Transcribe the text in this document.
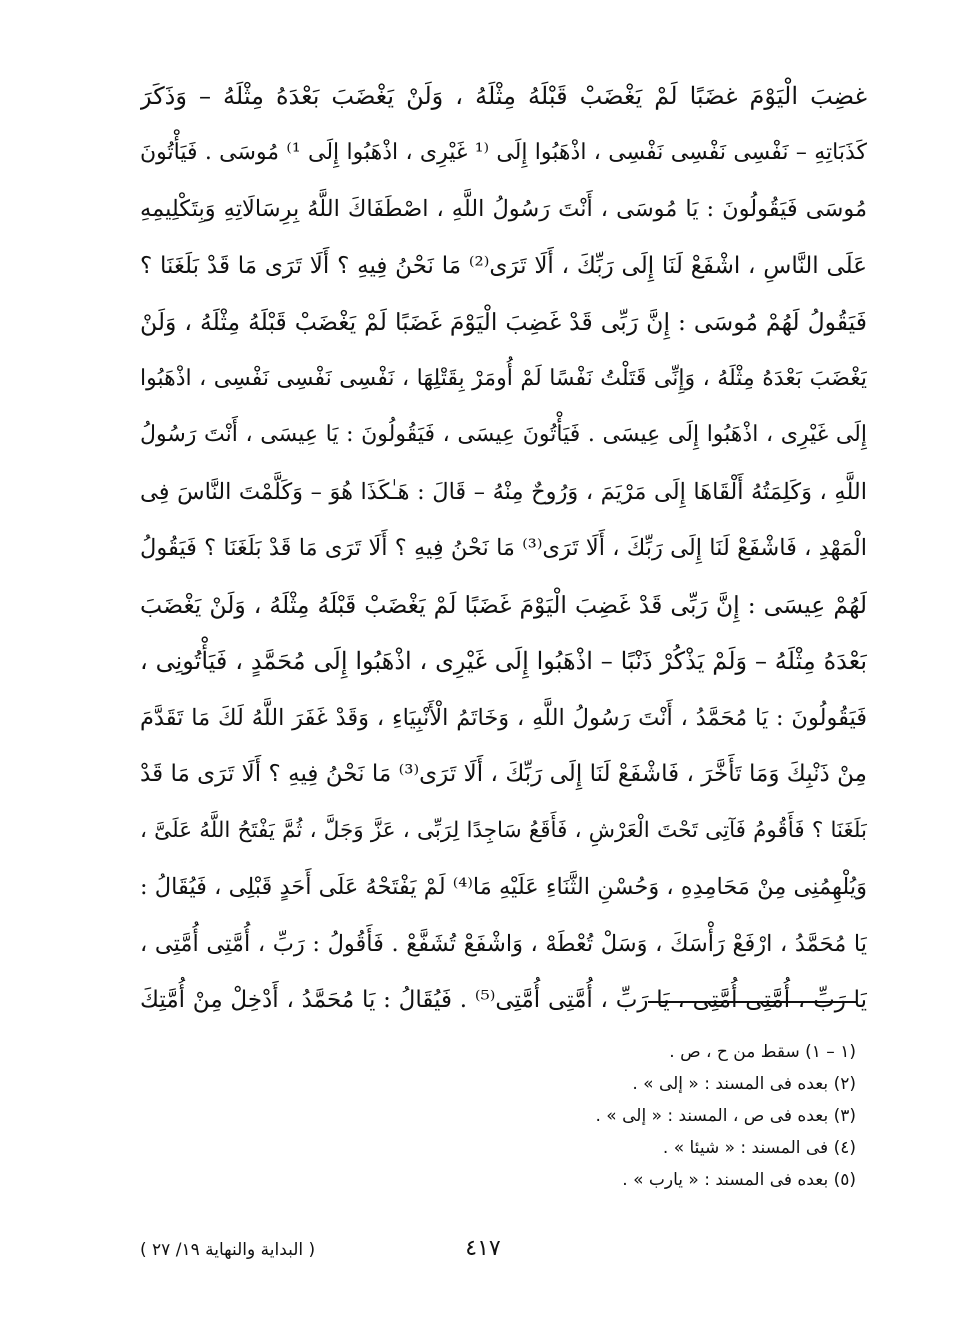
غضِبَ الْيَوْمَ غضَبًا لَمْ يَغْضَبْ قَبْلَهُ مِثْلَهُ ، وَلَنْ يَغْضَبَ بَعْدَهُ مِثْلَهُ – وَذَكَرَ
كَذَبَاتِهِ – نَفْسِى نَفْسِى نَفْسِى ، اذْهَبُوا إِلَى ⁽¹ غَيْرِى ، اذْهَبُوا إِلَى ¹⁾ مُوسَى . فَيَأْتُونَ
مُوسَى فَيَقُولُونَ : يَا مُوسَى ، أَنْتَ رَسُولُ اللَّهِ ، اصْطَفَاكَ اللَّهُ بِرِسَالَاتِهِ وَبِتَكْلِيمِهِ
عَلَى النَّاسِ ، اشْفَعْ لَنَا إِلَى رَبِّكَ ، أَلَا تَرَى⁽²⁾ مَا نَحْنُ فِيهِ ؟ أَلَا تَرَى مَا قَدْ بَلَغَنَا ؟
فَيَقُولُ لَهُمْ مُوسَى : إِنَّ رَبِّى قَدْ غَضِبَ الْيَوْمَ غَضَبًا لَمْ يَغْضَبْ قَبْلَهُ مِثْلَهُ ، وَلَنْ
يَغْضَبَ بَعْدَهُ مِثْلَهُ ، وَإِنِّى قَتَلْتُ نَفْسًا لَمْ أُومَرْ بِقَتْلِهَا ، نَفْسِى نَفْسِى نَفْسِى ، اذْهَبُوا
إِلَى غَيْرِى ، اذْهَبُوا إِلَى عِيسَى . فَيَأْتُونَ عِيسَى ، فَيَقُولُونَ : يَا عِيسَى ، أَنْتَ رَسُولُ
اللَّهِ ، وَكَلِمَتُهُ أَلْقَاهَا إِلَى مَرْيَمَ ، وَرُوحٌ مِنْهُ – قَالَ : هَـٰكَذَا هُوَ – وَكَلَّمْتَ النَّاسَ فِى
الْمَهْدِ ، فَاشْفَعْ لَنَا إِلَى رَبِّكَ ، أَلَا تَرَى⁽³⁾ مَا نَحْنُ فِيهِ ؟ أَلَا تَرَى مَا قَدْ بَلَغَنَا ؟ فَيَقُولُ
لَهُمْ عِيسَى : إِنَّ رَبِّى قَدْ غَضِبَ الْيَوْمَ غَضَبًا لَمْ يَغْضَبْ قَبْلَهُ مِثْلَهُ ، وَلَنْ يَغْضَبَ
بَعْدَهُ مِثْلَهُ – وَلَمْ يَذْكُرْ ذَنْبًا – اذْهَبُوا إِلَى غَيْرِى ، اذْهَبُوا إِلَى مُحَمَّدٍ ، فَيَأْتُونِى ،
فَيَقُولُونَ : يَا مُحَمَّدُ ، أَنْتَ رَسُولُ اللَّهِ ، وَخَاتَمُ الْأَنْبِيَاءِ ، وَقَدْ غَفَرَ اللَّهُ لَكَ مَا تَقَدَّمَ
مِنْ ذَنْبِكَ وَمَا تَأَخَّرَ ، فَاشْفَعْ لَنَا إِلَى رَبِّكَ ، أَلَا تَرَى⁽³⁾ مَا نَحْنُ فِيهِ ؟ أَلَا تَرَى مَا قَدْ
بَلَغَنَا ؟ فَأَقُومُ فَآتِى تَحْتَ الْعَرْشِ ، فَأَقَعُ سَاجِدًا لِرَبِّى ، عَزَّ وَجَلَّ ، ثُمَّ يَفْتَحُ اللَّهُ عَلَىَّ ،
وَيُلْهِمُنِى مِنْ مَحَامِدِهِ ، وَحُسْنِ الثَّنَاءِ عَلَيْهِ مَا⁽⁴⁾ لَمْ يَفْتَحْهُ عَلَى أَحَدٍ قَبْلِى ، فَيُقَالُ :
يَا مُحَمَّدُ ، ارْفَعْ رَأْسَكَ ، وَسَلْ تُعْطَهْ ، وَاشْفَعْ تُشَفَّعْ . فَأَقُولُ : رَبِّ ، أُمَّتِى أُمَّتِى ،
يَا رَبِّ ، أُمَّتِى أُمَّتِى ، يَا رَبِّ ، أُمَّتِى أُمَّتِى⁽⁵⁾ . فَيُقَالُ : يَا مُحَمَّدُ ، أَدْخِلْ مِنْ أُمَّتِكَ
(١ – ١) سقط من ح ، ص .
(٢) بعده فى المسند : « إلى » .
(٣) بعده فى ص ، المسند : « إلى » .
(٤) فى المسند : « شيئا » .
(٥) بعده فى المسند : « يارب » .
( البداية والنهاية ١٩/ ٢٧ )	٤١٧
